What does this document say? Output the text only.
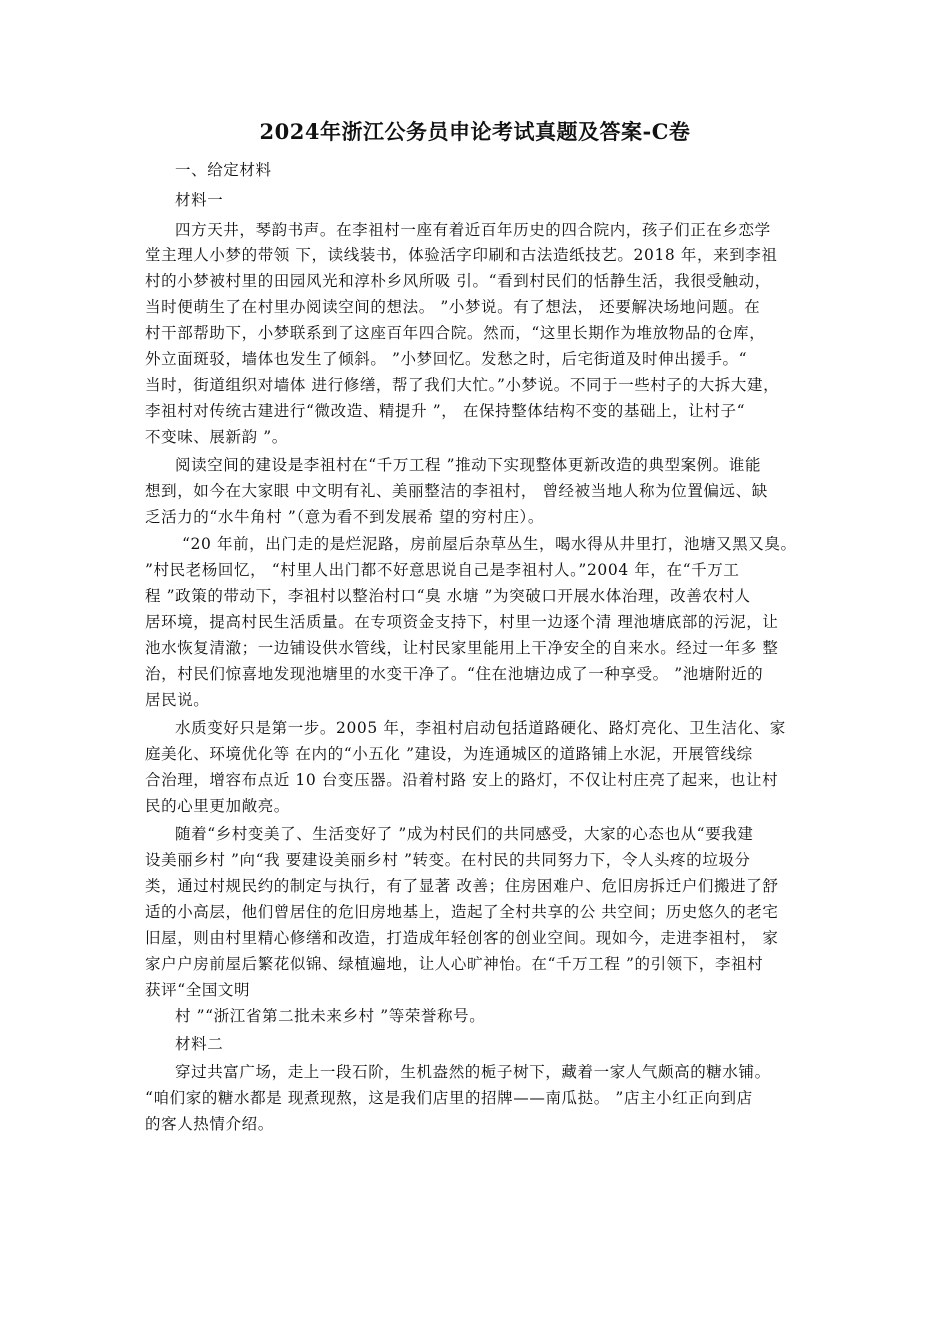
2024年浙江公务员申论考试真题及答案-C卷
一、给定材料
材料一
四方天井，琴韵书声。在李祖村一座有着近百年历史的四合院内，孩子们正在乡恋学
堂主理人小梦的带领 下，读线装书，体验活字印刷和古法造纸技艺。2018 年，来到李祖
村的小梦被村里的田园风光和淳朴乡风所吸 引。“看到村民们的恬静生活，我很受触动，
当时便萌生了在村里办阅读空间的想法。 ”小梦说。有了想法， 还要解决场地问题。在
村干部帮助下，小梦联系到了这座百年四合院。然而，“这里长期作为堆放物品的仓库，
外立面斑驳，墙体也发生了倾斜。 ”小梦回忆。发愁之时，后宅街道及时伸出援手。“
当时，街道组织对墙体 进行修缮，帮了我们大忙。”小梦说。不同于一些村子的大拆大建，
李祖村对传统古建进行“微改造、精提升 ”， 在保持整体结构不变的基础上，让村子“
不变味、展新韵 ”。
阅读空间的建设是李祖村在“千万工程 ”推动下实现整体更新改造的典型案例。谁能
想到，如今在大家眼 中文明有礼、美丽整洁的李祖村， 曾经被当地人称为位置偏远、缺
乏活力的“水牛角村 ”（意为看不到发展希 望的穷村庄）。
“20 年前，出门走的是烂泥路，房前屋后杂草丛生，喝水得从井里打，池塘又黑又臭。
”村民老杨回忆， “村里人出门都不好意思说自己是李祖村人。”2004 年，在“千万工
程 ”政策的带动下，李祖村以整治村口“臭 水塘 ”为突破口开展水体治理，改善农村人
居环境，提高村民生活质量。在专项资金支持下，村里一边逐个清 理池塘底部的污泥，让
池水恢复清澈；一边铺设供水管线，让村民家里能用上干净安全的自来水。经过一年多 整
治，村民们惊喜地发现池塘里的水变干净了。“住在池塘边成了一种享受。 ”池塘附近的
居民说。
水质变好只是第一步。2005 年，李祖村启动包括道路硬化、路灯亮化、卫生洁化、家
庭美化、环境优化等 在内的“小五化 ”建设，为连通城区的道路铺上水泥，开展管线综
合治理，增容布点近 10 台变压器。沿着村路 安上的路灯，不仅让村庄亮了起来，也让村
民的心里更加敞亮。
随着“乡村变美了、生活变好了 ”成为村民们的共同感受，大家的心态也从“要我建
设美丽乡村 ”向“我 要建设美丽乡村 ”转变。在村民的共同努力下，令人头疼的垃圾分
类，通过村规民约的制定与执行，有了显著 改善；住房困难户、危旧房拆迁户们搬进了舒
适的小高层，他们曾居住的危旧房地基上，造起了全村共享的公 共空间；历史悠久的老宅
旧屋，则由村里精心修缮和改造，打造成年轻创客的创业空间。现如今，走进李祖村， 家
家户户房前屋后繁花似锦、绿植遍地，让人心旷神怡。在“千万工程 ”的引领下，李祖村
获评“全国文明
村 ”“浙江省第二批未来乡村 ”等荣誉称号。
材料二
穿过共富广场，走上一段石阶，生机盎然的栀子树下，藏着一家人气颇高的糖水铺。
“咱们家的糖水都是 现煮现熬，这是我们店里的招牌——南瓜挞。 ”店主小红正向到店
的客人热情介绍。
